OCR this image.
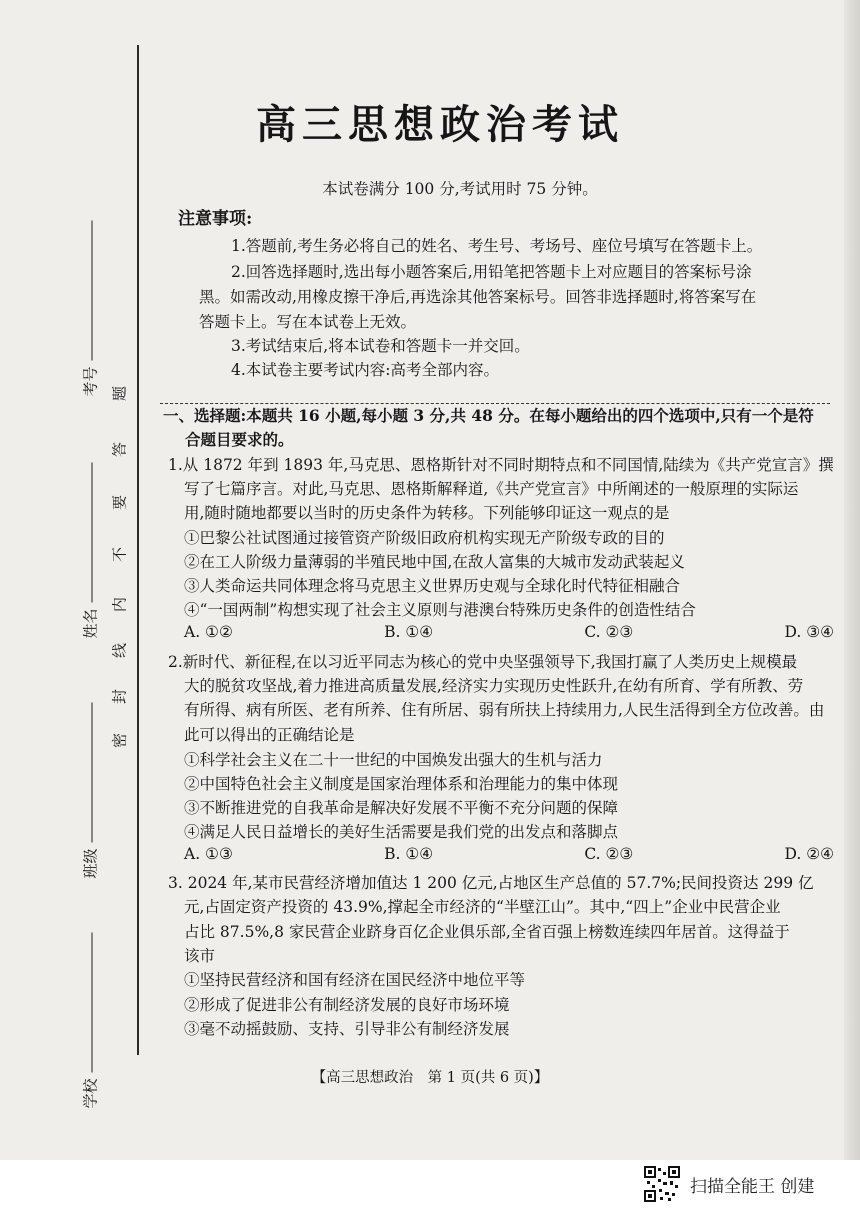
考号
姓名
班级
学校
题
答
要
不
内
线
封
密
高三思想政治考试
本试卷满分 100 分,考试用时 75 分钟。
注意事项:
1.答题前,考生务必将自己的姓名、考生号、考场号、座位号填写在答题卡上。
2.回答选择题时,选出每小题答案后,用铅笔把答题卡上对应题目的答案标号涂
黑。如需改动,用橡皮擦干净后,再选涂其他答案标号。回答非选择题时,将答案写在
答题卡上。写在本试卷上无效。
3.考试结束后,将本试卷和答题卡一并交回。
4.本试卷主要考试内容:高考全部内容。
一、选择题:本题共 16 小题,每小题 3 分,共 48 分。在每小题给出的四个选项中,只有一个是符
合题目要求的。
1.从 1872 年到 1893 年,马克思、恩格斯针对不同时期特点和不同国情,陆续为《共产党宣言》撰
写了七篇序言。对此,马克思、恩格斯解释道,《共产党宣言》中所阐述的一般原理的实际运
用,随时随地都要以当时的历史条件为转移。下列能够印证这一观点的是
①巴黎公社试图通过接管资产阶级旧政府机构实现无产阶级专政的目的
②在工人阶级力量薄弱的半殖民地中国,在敌人富集的大城市发动武装起义
③人类命运共同体理念将马克思主义世界历史观与全球化时代特征相融合
④“一国两制”构想实现了社会主义原则与港澳台特殊历史条件的创造性结合
A. ①②	B. ①④	C. ②③	D. ③④
2.新时代、新征程,在以习近平同志为核心的党中央坚强领导下,我国打赢了人类历史上规模最
大的脱贫攻坚战,着力推进高质量发展,经济实力实现历史性跃升,在幼有所育、学有所教、劳
有所得、病有所医、老有所养、住有所居、弱有所扶上持续用力,人民生活得到全方位改善。由
此可以得出的正确结论是
①科学社会主义在二十一世纪的中国焕发出强大的生机与活力
②中国特色社会主义制度是国家治理体系和治理能力的集中体现
③不断推进党的自我革命是解决好发展不平衡不充分问题的保障
④满足人民日益增长的美好生活需要是我们党的出发点和落脚点
A. ①③	B. ①④	C. ②③	D. ②④
3. 2024 年,某市民营经济增加值达 1 200 亿元,占地区生产总值的 57.7%;民间投资达 299 亿
元,占固定资产投资的 43.9%,撑起全市经济的“半壁江山”。其中,“四上”企业中民营企业
占比 87.5%,8 家民营企业跻身百亿企业俱乐部,全省百强上榜数连续四年居首。这得益于
该市
①坚持民营经济和国有经济在国民经济中地位平等
②形成了促进非公有制经济发展的良好市场环境
③毫不动摇鼓励、支持、引导非公有制经济发展
【高三思想政治　第 1 页(共 6 页)】
扫描全能王 创建
